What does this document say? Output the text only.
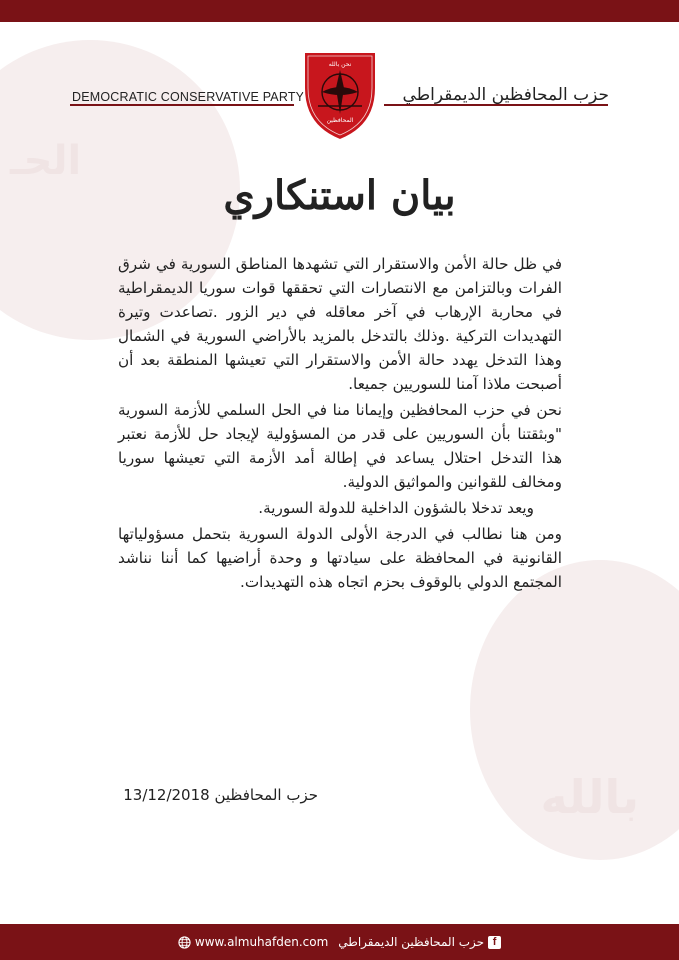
الحـ
بالله
DEMOCRATIC CONSERVATIVE PARTY	حزب المحافظين الديمقراطي
نحن بالله
المحافظين
بيان استنكاري

في ظل حالة الأمن والاستقرار التي تشهدها المناطق السورية في شرق الفرات وبالتزامن مع الانتصارات التي تحققها قوات سوريا الديمقراطية في محاربة الإرهاب في آخر معاقله في دير الزور .تصاعدت وتيرة التهديدات التركية .وذلك بالتدخل بالمزيد بالأراضي السورية في الشمال وهذا التدخل يهدد حالة الأمن والاستقرار التي تعيشها المنطقة بعد أن أصبحت ملاذا آمنا للسوريين جميعا.

نحن في حزب المحافظين وإيمانا منا في الحل السلمي للأزمة السورية "وبثقتنا بأن السوريين على قدر من المسؤولية لإيجاد حل للأزمة نعتبر هذا التدخل احتلال يساعد في إطالة أمد الأزمة التي تعيشها سوريا ومخالف للقوانين والمواثيق الدولية.

ويعد تدخلا بالشؤون الداخلية للدولة السورية.

ومن هنا نطالب في الدرجة الأولى الدولة السورية بتحمل مسؤولياتها القانونية في المحافظة على سيادتها و وحدة أراضيها كما أننا نناشد المجتمع الدولي بالوقوف بحزم اتجاه هذه التهديدات.

حزب المحافظين 13/12/2018
www.almuhafden.com	f
حزب المحافظين الديمقراطي
